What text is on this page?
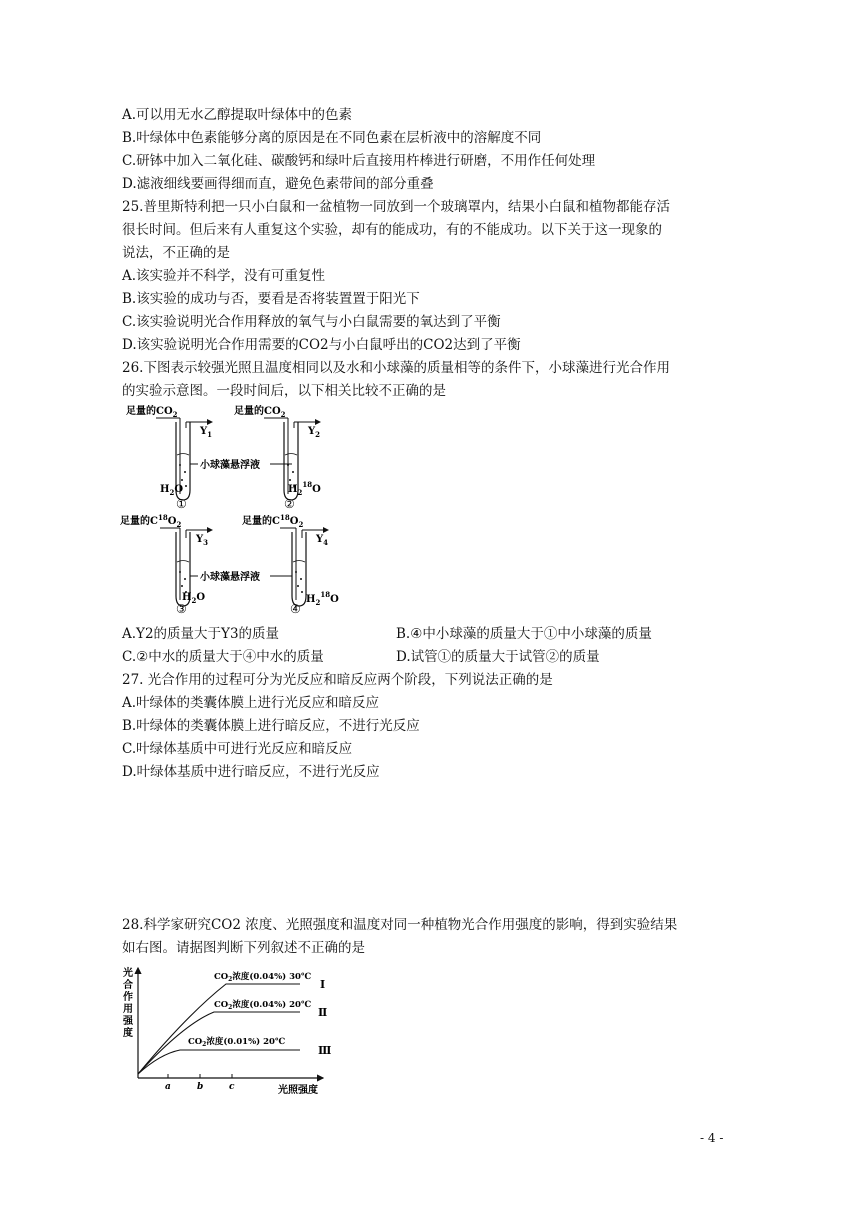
A.可以用无水乙醇提取叶绿体中的色素
B.叶绿体中色素能够分离的原因是在不同色素在层析液中的溶解度不同
C.研钵中加入二氧化硅、碳酸钙和绿叶后直接用杵棒进行研磨，不用作任何处理
D.滤液细线要画得细而直，避免色素带间的部分重叠
25.普里斯特利把一只小白鼠和一盆植物一同放到一个玻璃罩内，结果小白鼠和植物都能存活
很长时间。但后来有人重复这个实验，却有的能成功，有的不能成功。以下关于这一现象的
说法，不正确的是
A.该实验并不科学，没有可重复性
B.该实验的成功与否，要看是否将装置置于阳光下
C.该实验说明光合作用释放的氧气与小白鼠需要的氧达到了平衡
D.该实验说明光合作用需要的CO2与小白鼠呼出的CO2达到了平衡
26.下图表示较强光照且温度相同以及水和小球藻的质量相等的条件下，小球藻进行光合作用
的实验示意图。一段时间后，以下相关比较不正确的是
足量的$CO_2$
$Y_1$
$H_2O$
①
小球藻悬浮液
足量的$CO_2$
$Y_2$
$H_2^{18}O$
②
足量的$C^{18}O_2$
$Y_3$
$H_2O$
③
小球藻悬浮液
足量的$C^{18}O_2$
$Y_4$
$H_2^{18}O$
④
A.Y2的质量大于Y3的质量	B.④中小球藻的质量大于①中小球藻的质量
C.②中水的质量大于④中水的质量	D.试管①的质量大于试管②的质量
27. 光合作用的过程可分为光反应和暗反应两个阶段，下列说法正确的是
A.叶绿体的类囊体膜上进行光反应和暗反应
B.叶绿体的类囊体膜上进行暗反应，不进行光反应
C.叶绿体基质中可进行光反应和暗反应
D.叶绿体基质中进行暗反应，不进行光反应
28.科学家研究CO2 浓度、光照强度和温度对同一种植物光合作用强度的影响，得到实验结果
如右图。请据图判断下列叙述不正确的是
光合作用强度
a	b	c	光照强度
$CO_2$浓度(0.04%) 30℃
Ⅰ
$CO_2$浓度(0.04%) 20℃
Ⅱ
$CO_2$浓度(0.01%) 20℃
Ⅲ
- 4 -
